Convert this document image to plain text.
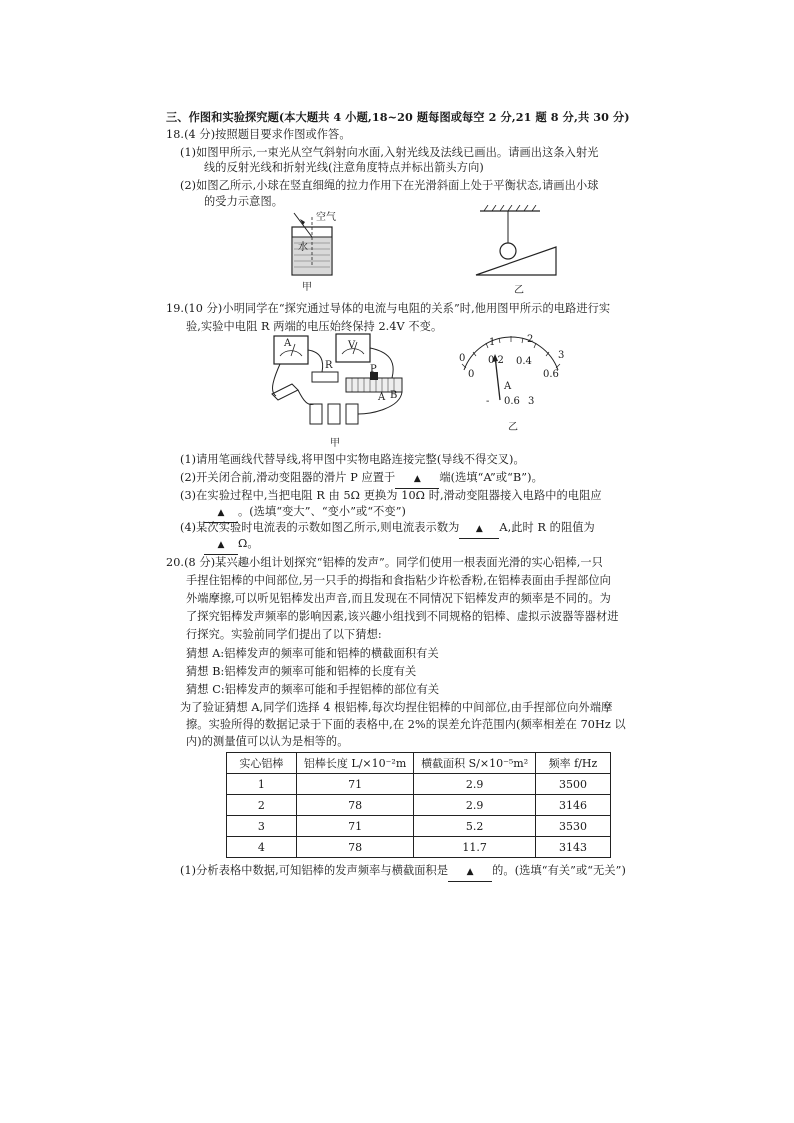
三、作图和实验探究题(本大题共 4 小题,18~20 题每图或每空 2 分,21 题 8 分,共 30 分)
18.(4 分)按照题目要求作图或作答。
(1)如图甲所示,一束光从空气斜射向水面,入射光线及法线已画出。请画出这条入射光
线的反射光线和折射光线(注意角度特点并标出箭头方向)
(2)如图乙所示,小球在竖直细绳的拉力作用下在光滑斜面上处于平衡状态,请画出小球
的受力示意图。
空气
水
甲	乙
19.(10 分)小明同学在“探究通过导体的电流与电阻的关系”时,他用图甲所示的电路进行实
验,实验中电阻 R 两端的电压始终保持 2.4V 不变。
A	V
R	P
B
A
甲
0
1	2
3
0
0.2 0.4
0.6
A
- 0.6 3
乙
(1)请用笔画线代替导线,将甲图中实物电路连接完整(导线不得交叉)。
(2)开关闭合前,滑动变阻器的滑片 P 应置于 ▲ 端(选填“A”或“B”)。
(3)在实验过程中,当把电阻 R 由 5Ω 更换为 10Ω 时,滑动变阻器接入电路中的电阻应
▲ 。(选填“变大”、“变小”或“不变”)
(4)某次实验时电流表的示数如图乙所示,则电流表示数为 ▲ A,此时 R 的阻值为
▲ Ω。
20.(8 分)某兴趣小组计划探究“铝棒的发声”。同学们使用一根表面光滑的实心铝棒,一只
手捏住铝棒的中间部位,另一只手的拇指和食指粘少许松香粉,在铝棒表面由手捏部位向
外端摩擦,可以听见铝棒发出声音,而且发现在不同情况下铝棒发声的频率是不同的。为
了探究铝棒发声频率的影响因素,该兴趣小组找到不同规格的铝棒、虚拟示波器等器材进
行探究。实验前同学们提出了以下猜想:
猜想 A:铝棒发声的频率可能和铝棒的横截面积有关
猜想 B:铝棒发声的频率可能和铝棒的长度有关
猜想 C:铝棒发声的频率可能和手捏铝棒的部位有关
为了验证猜想 A,同学们选择 4 根铝棒,每次均捏住铝棒的中间部位,由手捏部位向外端摩
擦。实验所得的数据记录于下面的表格中,在 2%的误差允许范围内(频率相差在 70Hz 以
内)的测量值可以认为是相等的。
实心铝棒	铝棒长度 L/×10⁻²m	横截面积 S/×10⁻⁵m²	频率 f/Hz
1	71	2.9	3500
2	78	2.9	3146
3	71	5.2	3530
4	78	11.7	3143
(1)分析表格中数据,可知铝棒的发声频率与横截面积是 ▲ 的。(选填“有关”或“无关”)
